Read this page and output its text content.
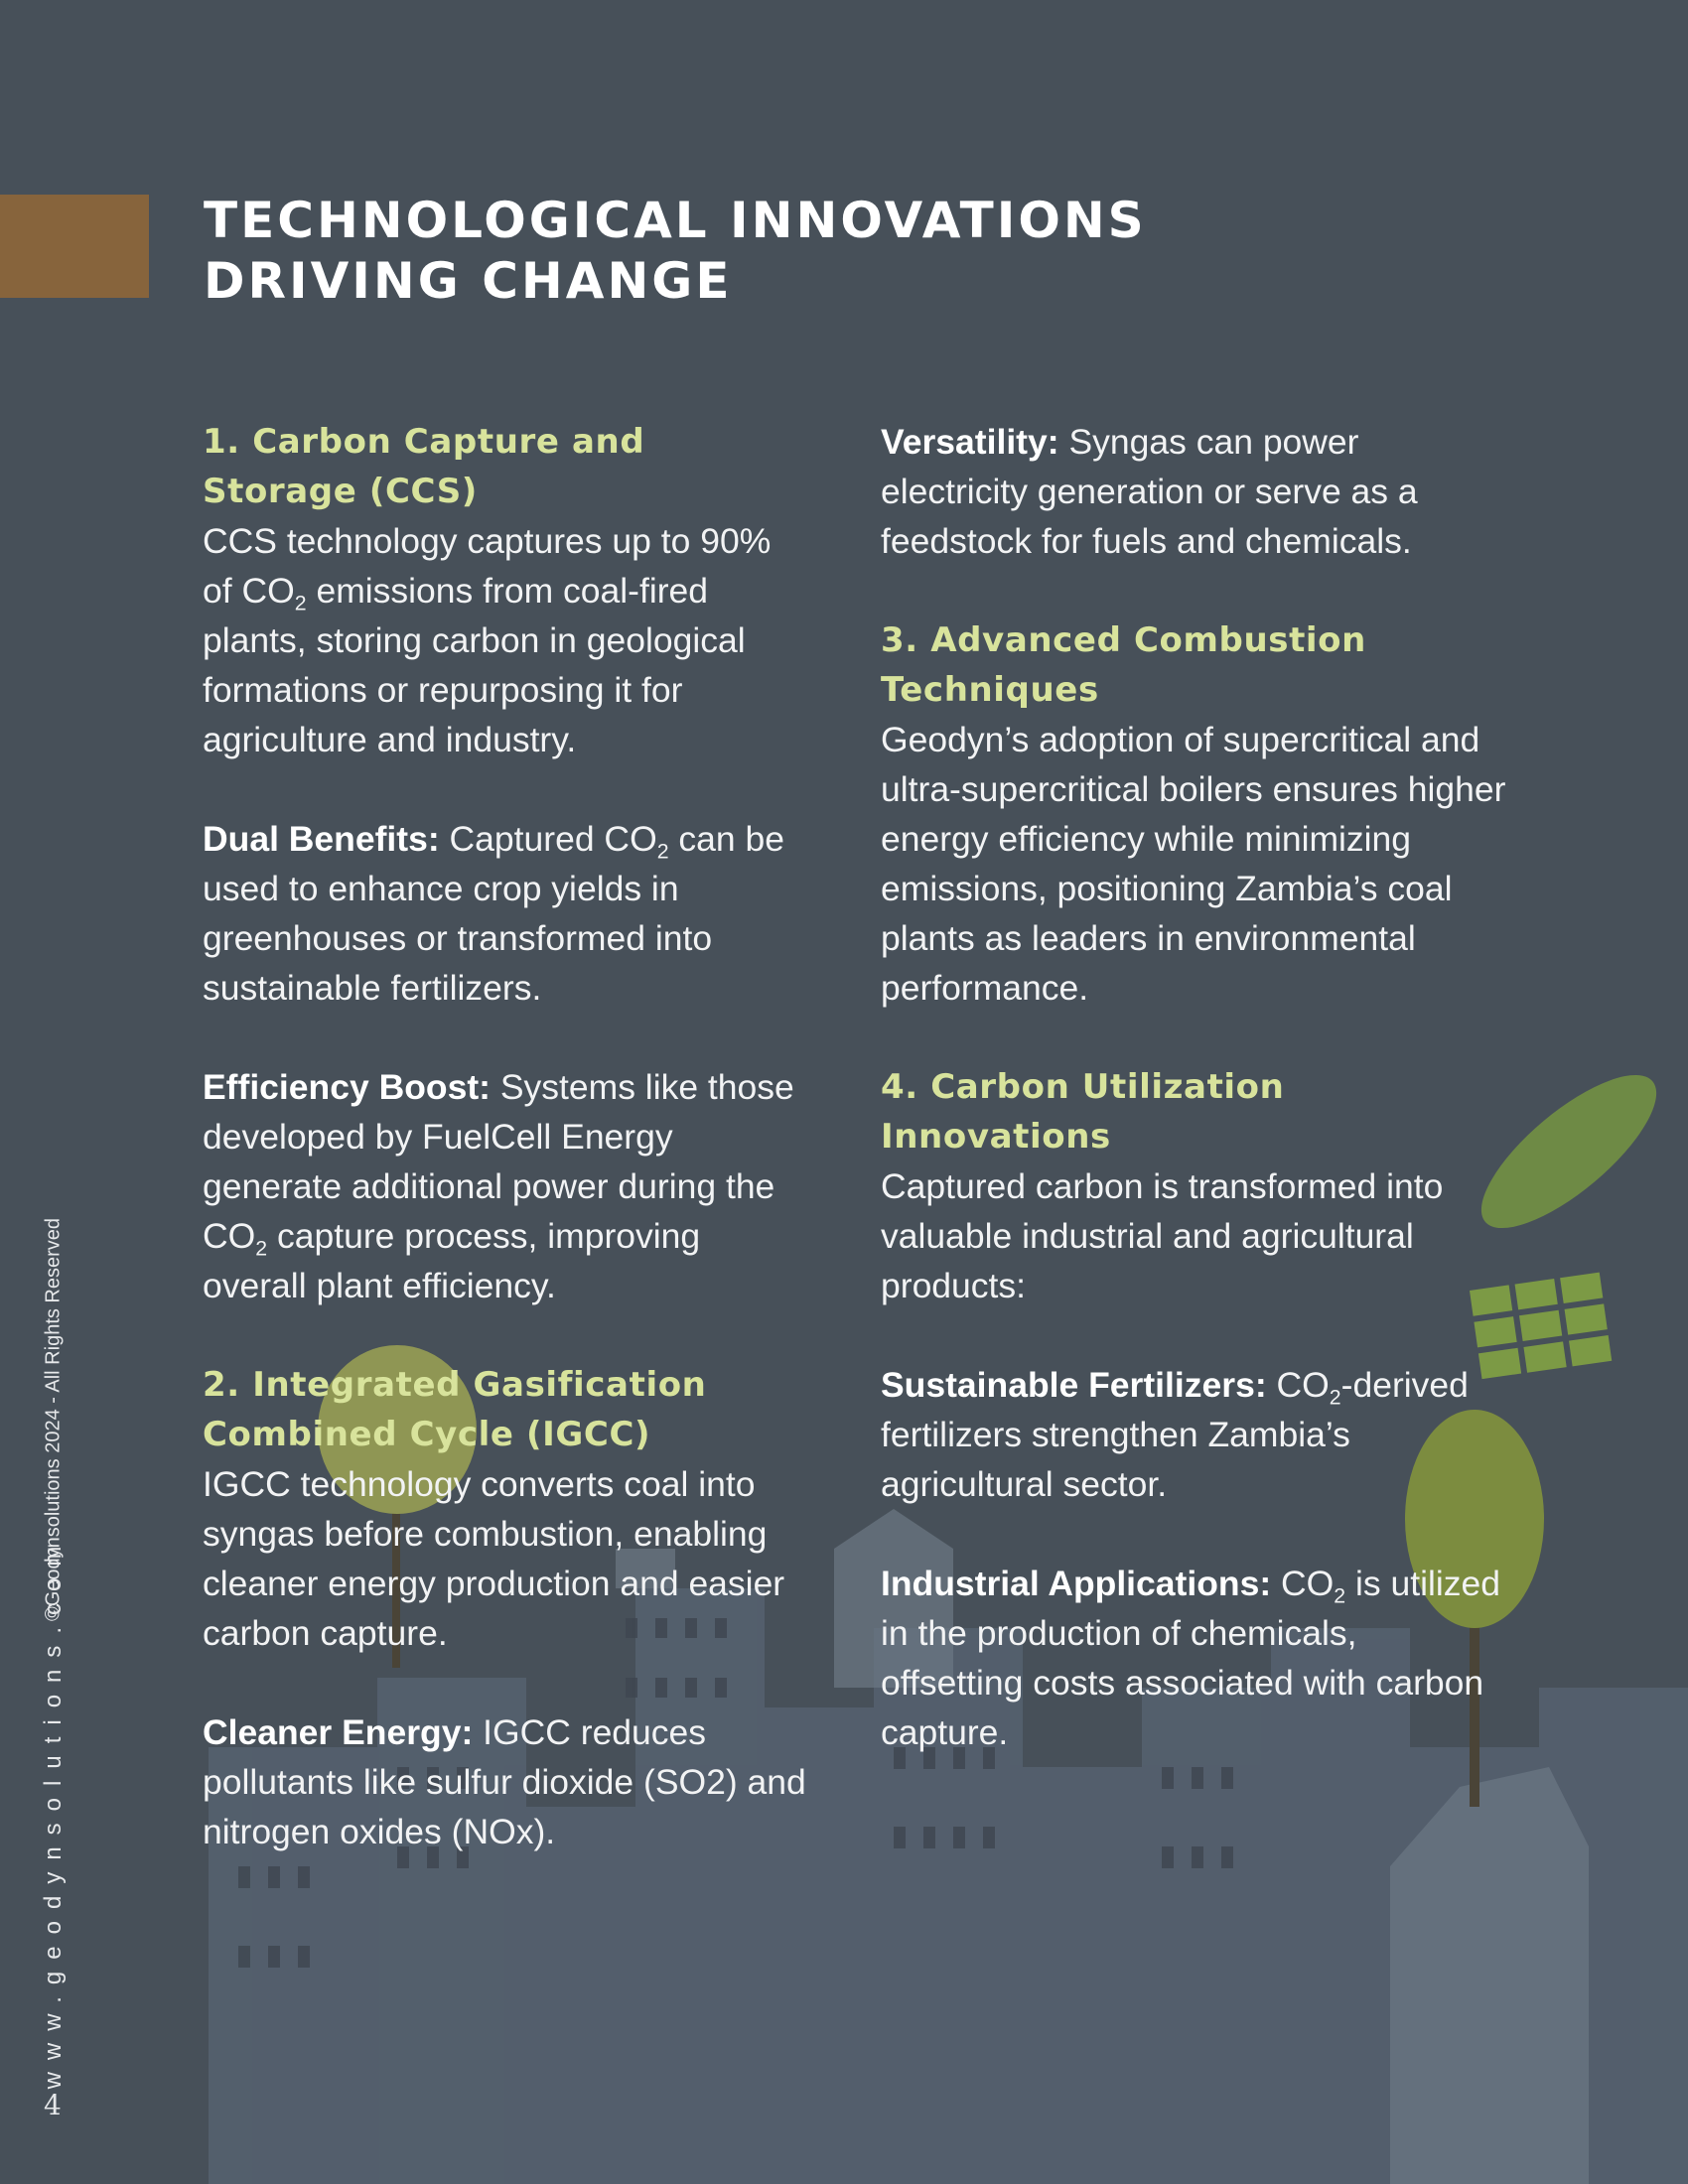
TECHNOLOGICAL INNOVATIONS
DRIVING CHANGE

1. Carbon Capture and
Storage (CCS)

CCS technology captures up to 90% of $CO_2$ emissions from coal-fired plants, storing carbon in geological formations or repurposing it for agriculture and industry.

Dual Benefits: Captured $CO_2$ can be used to enhance crop yields in greenhouses or transformed into sustainable fertilizers.

Efficiency Boost: Systems like those developed by FuelCell Energy generate additional power during the $CO_2$ capture process, improving overall plant efficiency.

2. Integrated Gasification
Combined Cycle (IGCC)

IGCC technology converts coal into syngas before combustion, enabling cleaner energy production and easier carbon capture.

Cleaner Energy: IGCC reduces pollutants like sulfur dioxide (SO2) and nitrogen oxides (NOx).

Versatility: Syngas can power electricity generation or serve as a feedstock for fuels and chemicals.

3. Advanced Combustion
Techniques

Geodyn’s adoption of supercritical and ultra-supercritical boilers ensures higher energy efficiency while minimizing emissions, positioning Zambia’s coal plants as leaders in environmental performance.

4. Carbon Utilization
Innovations

Captured carbon is transformed into valuable industrial and agricultural products:

Sustainable Fertilizers: $CO_2$-derived fertilizers strengthen Zambia’s agricultural sector.

Industrial Applications: $CO_2$ is utilized in the production of chemicals, offsetting costs associated with carbon capture.

©Geodynsolutions 2024 - All Rights Reserved
www.geodynsolutions.com
4
